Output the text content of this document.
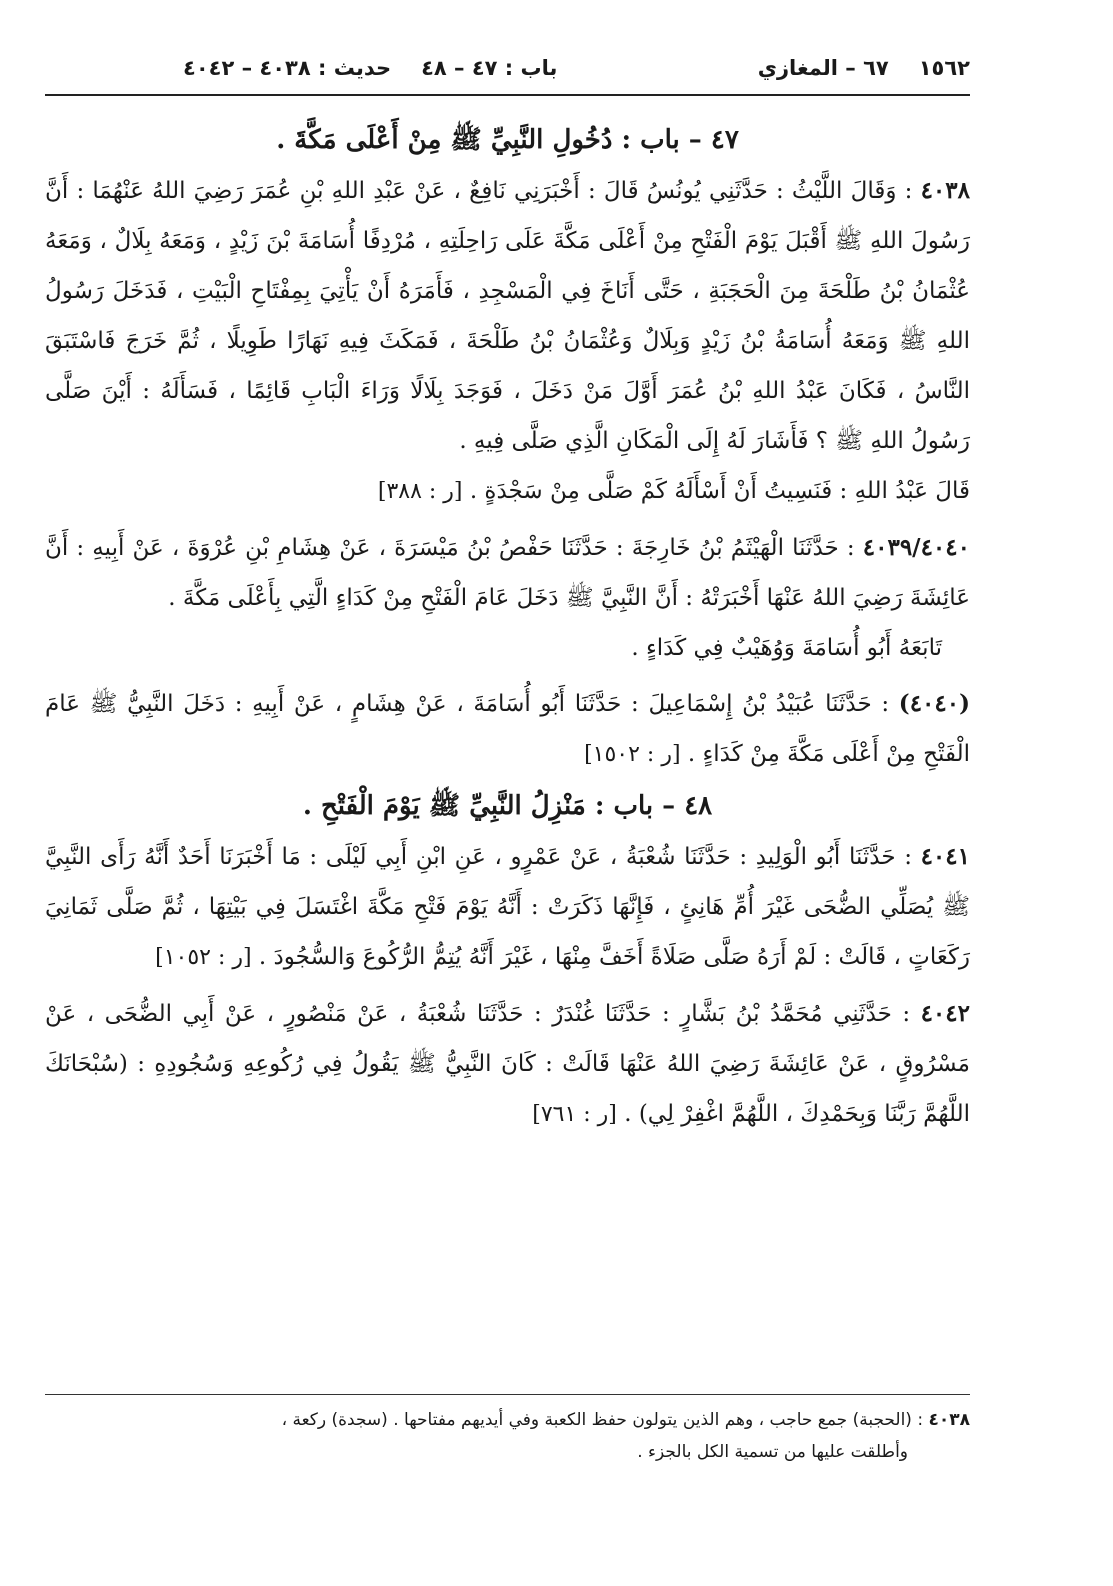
١٥٦٢
٦٧ – المغازي
باب : ٤٧ – ٤٨
حديث : ٤٠٣٨ – ٤٠٤٢
٤٧ – باب : دُخُولِ النَّبِيِّ ﷺ مِنْ أَعْلَى مَكَّةَ .

٤٠٣٨ : وَقَالَ اللَّيْثُ : حَدَّثَنِي يُونُسُ قَالَ : أَخْبَرَنِي نَافِعٌ ، عَنْ عَبْدِ اللهِ بْنِ عُمَرَ رَضِيَ اللهُ عَنْهُمَا : أَنَّ رَسُولَ اللهِ ﷺ أَقْبَلَ يَوْمَ الْفَتْحِ مِنْ أَعْلَى مَكَّةَ عَلَى رَاحِلَتِهِ ، مُرْدِفًا أُسَامَةَ بْنَ زَيْدٍ ، وَمَعَهُ بِلَالٌ ، وَمَعَهُ عُثْمَانُ بْنُ طَلْحَةَ مِنَ الْحَجَبَةِ ، حَتَّى أَنَاخَ فِي الْمَسْجِدِ ، فَأَمَرَهُ أَنْ يَأْتِيَ بِمِفْتَاحِ الْبَيْتِ ، فَدَخَلَ رَسُولُ اللهِ ﷺ وَمَعَهُ أُسَامَةُ بْنُ زَيْدٍ وَبِلَالٌ وَعُثْمَانُ بْنُ طَلْحَةَ ، فَمَكَثَ فِيهِ نَهَارًا طَوِيلًا ، ثُمَّ خَرَجَ فَاسْتَبَقَ النَّاسُ ، فَكَانَ عَبْدُ اللهِ بْنُ عُمَرَ أَوَّلَ مَنْ دَخَلَ ، فَوَجَدَ بِلَالًا وَرَاءَ الْبَابِ قَائِمًا ، فَسَأَلَهُ : أَيْنَ صَلَّى رَسُولُ اللهِ ﷺ ؟ فَأَشَارَ لَهُ إِلَى الْمَكَانِ الَّذِي صَلَّى فِيهِ .

قَالَ عَبْدُ اللهِ : فَنَسِيتُ أَنْ أَسْأَلَهُ كَمْ صَلَّى مِنْ سَجْدَةٍ . [ر : ٣٨٨]

٤٠٣٩/٤٠٤٠ : حَدَّثَنَا الْهَيْثَمُ بْنُ خَارِجَةَ : حَدَّثَنَا حَفْصُ بْنُ مَيْسَرَةَ ، عَنْ هِشَامِ بْنِ عُرْوَةَ ، عَنْ أَبِيهِ : أَنَّ عَائِشَةَ رَضِيَ اللهُ عَنْهَا أَخْبَرَتْهُ : أَنَّ النَّبِيَّ ﷺ دَخَلَ عَامَ الْفَتْحِ مِنْ كَدَاءٍ الَّتِي بِأَعْلَى مَكَّةَ .

تَابَعَهُ أَبُو أُسَامَةَ وَوُهَيْبٌ فِي كَدَاءٍ .

(٤٠٤٠) : حَدَّثَنَا عُبَيْدُ بْنُ إِسْمَاعِيلَ : حَدَّثَنَا أَبُو أُسَامَةَ ، عَنْ هِشَامٍ ، عَنْ أَبِيهِ : دَخَلَ النَّبِيُّ ﷺ عَامَ الْفَتْحِ مِنْ أَعْلَى مَكَّةَ مِنْ كَدَاءٍ . [ر : ١٥٠٢]

٤٨ – باب : مَنْزِلُ النَّبِيِّ ﷺ يَوْمَ الْفَتْحِ .

٤٠٤١ : حَدَّثَنَا أَبُو الْوَلِيدِ : حَدَّثَنَا شُعْبَةُ ، عَنْ عَمْرٍو ، عَنِ ابْنِ أَبِي لَيْلَى : مَا أَخْبَرَنَا أَحَدٌ أَنَّهُ رَأَى النَّبِيَّ ﷺ يُصَلِّي الضُّحَى غَيْرَ أُمِّ هَانِئٍ ، فَإِنَّهَا ذَكَرَتْ : أَنَّهُ يَوْمَ فَتْحِ مَكَّةَ اغْتَسَلَ فِي بَيْتِهَا ، ثُمَّ صَلَّى ثَمَانِيَ رَكَعَاتٍ ، قَالَتْ : لَمْ أَرَهُ صَلَّى صَلَاةً أَخَفَّ مِنْهَا ، غَيْرَ أَنَّهُ يُتِمُّ الرُّكُوعَ وَالسُّجُودَ . [ر : ١٠٥٢]

٤٠٤٢ : حَدَّثَنِي مُحَمَّدُ بْنُ بَشَّارٍ : حَدَّثَنَا غُنْدَرٌ : حَدَّثَنَا شُعْبَةُ ، عَنْ مَنْصُورٍ ، عَنْ أَبِي الضُّحَى ، عَنْ مَسْرُوقٍ ، عَنْ عَائِشَةَ رَضِيَ اللهُ عَنْهَا قَالَتْ : كَانَ النَّبِيُّ ﷺ يَقُولُ فِي رُكُوعِهِ وَسُجُودِهِ : (سُبْحَانَكَ اللَّهُمَّ رَبَّنَا وَبِحَمْدِكَ ، اللَّهُمَّ اغْفِرْ لِي) . [ر : ٧٦١]

٤٠٣٨ : (الحجبة) جمع حاجب ، وهم الذين يتولون حفظ الكعبة وفي أيديهم مفتاحها . (سجدة) ركعة ،

وأطلقت عليها من تسمية الكل بالجزء .
